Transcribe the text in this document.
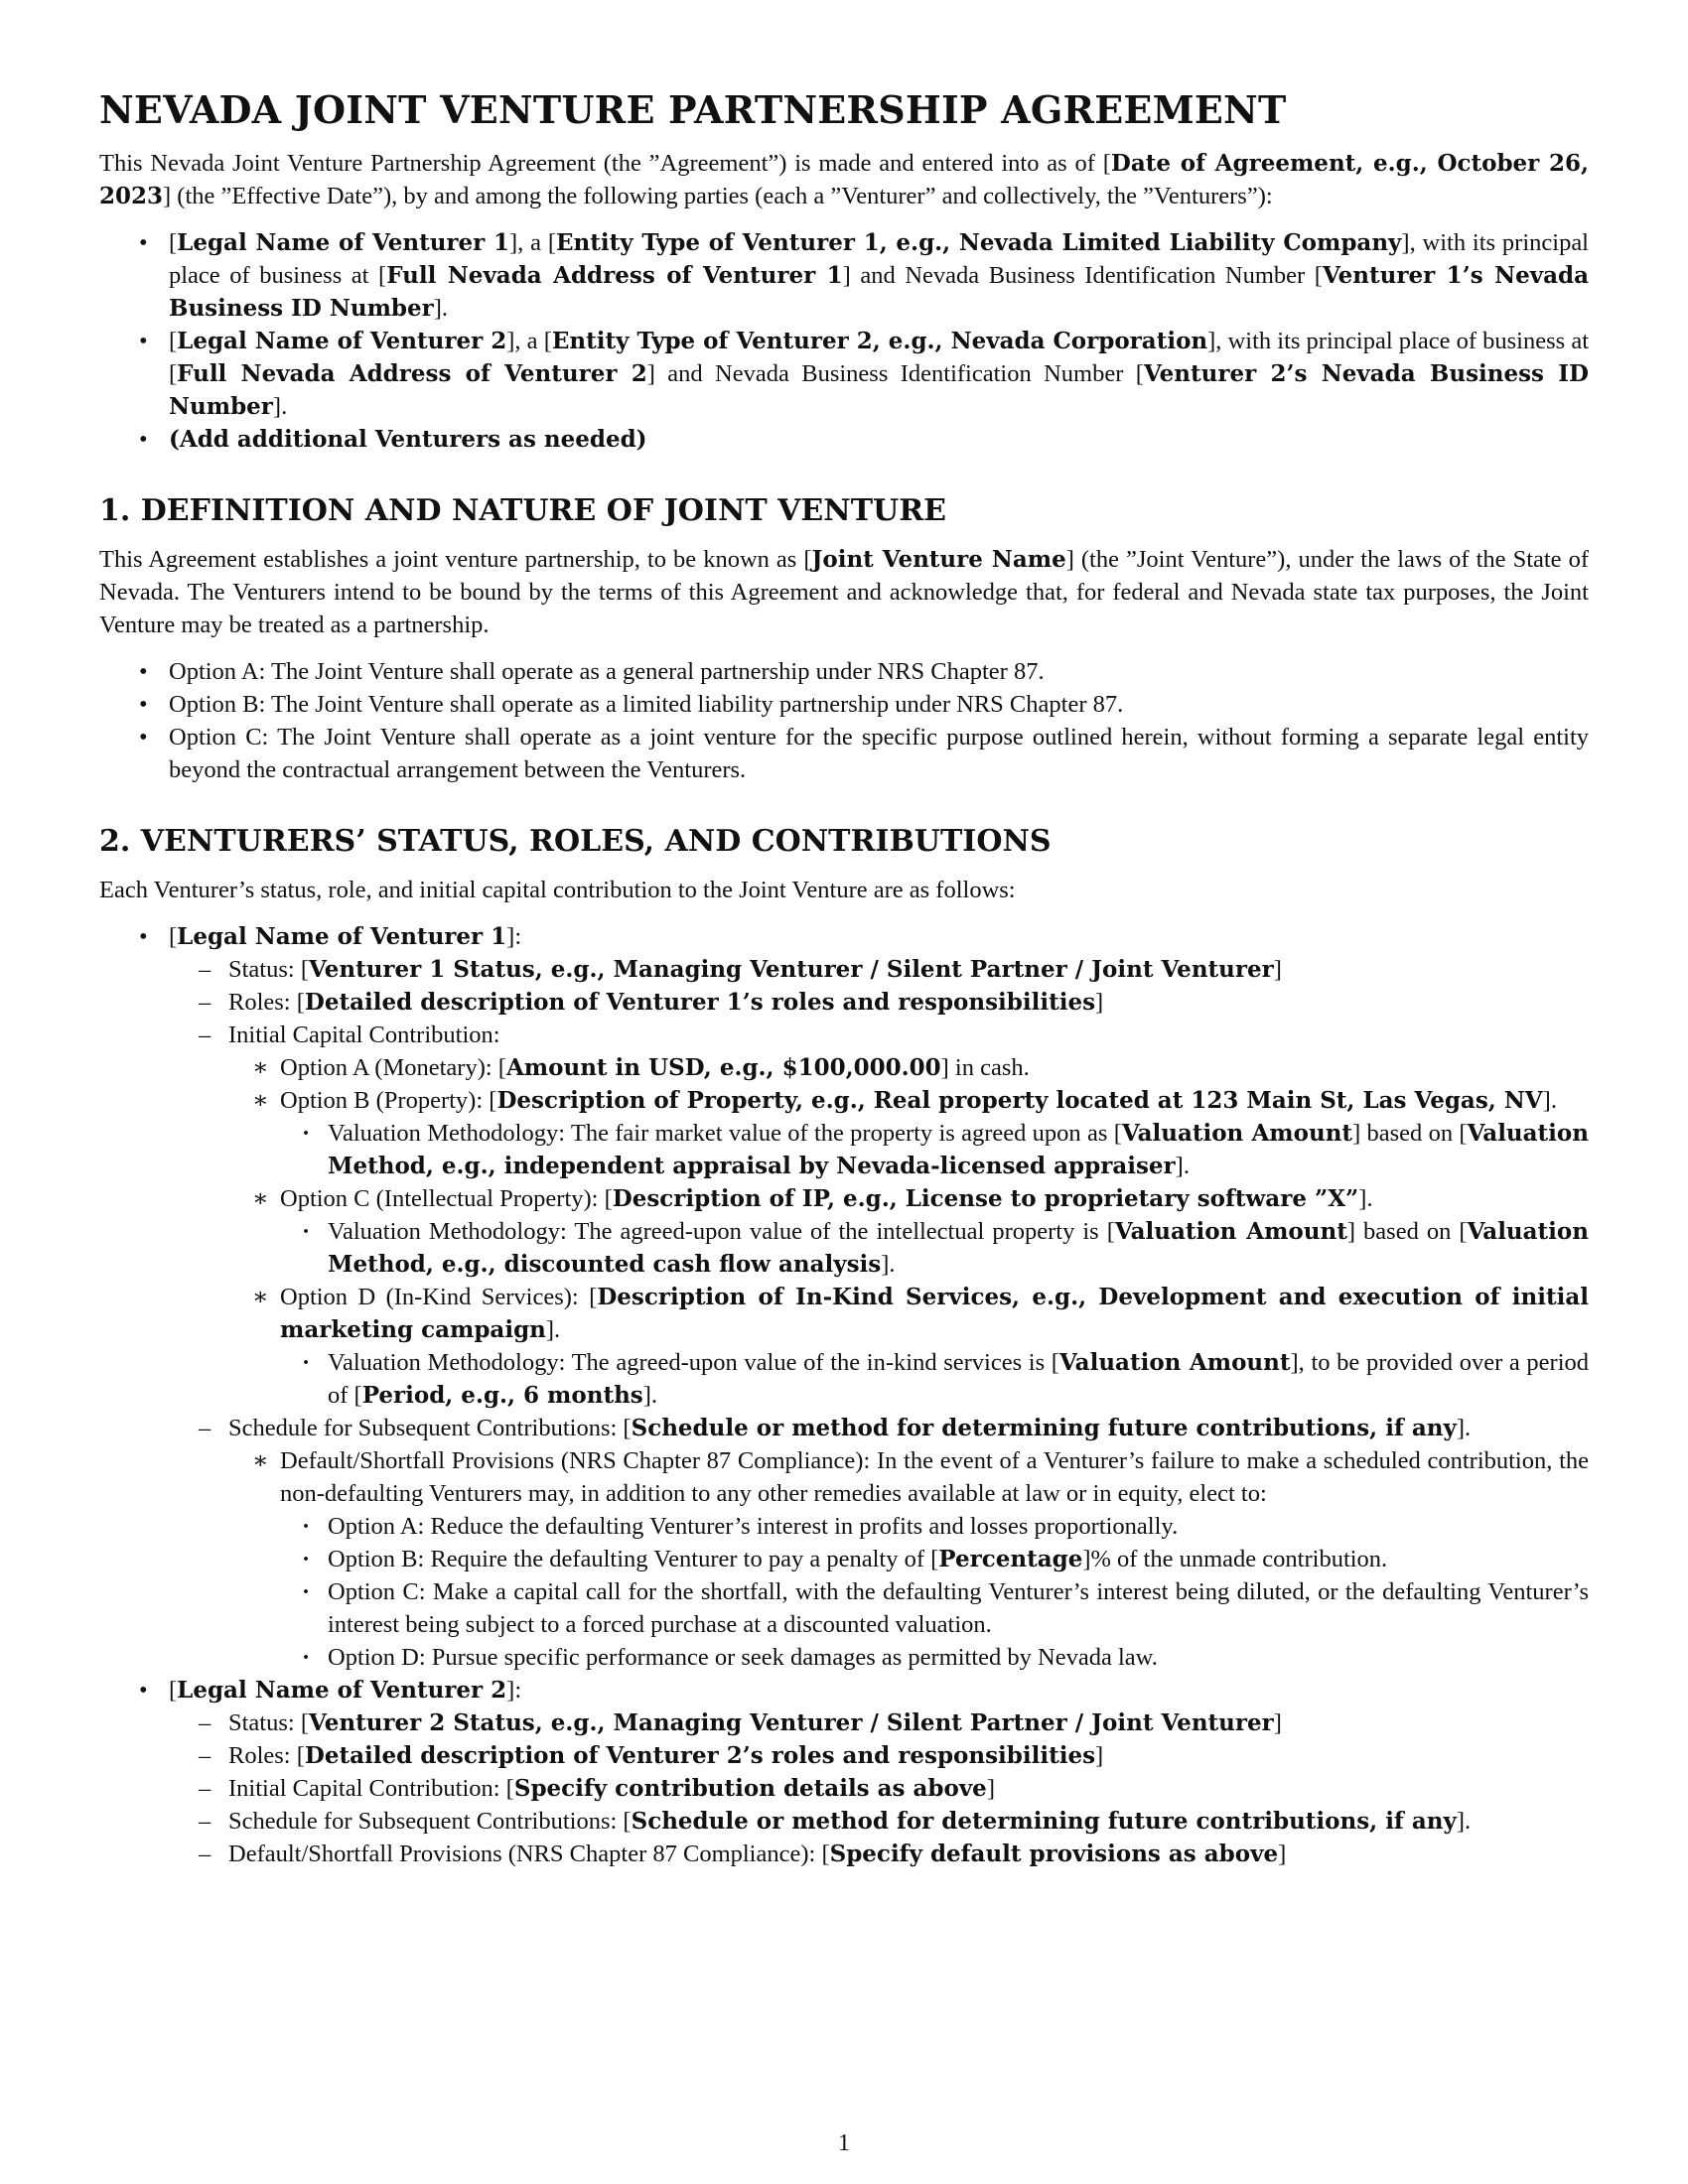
NEVADA JOINT VENTURE PARTNERSHIP AGREEMENT

This Nevada Joint Venture Partnership Agreement (the ”Agreement”) is made and entered into as of [Date of Agreement, e.g., October 26, 2023] (the ”Effective Date”), by and among the following parties (each a ”Venturer” and collectively, the ”Venturers”):

• [Legal Name of Venturer 1], a [Entity Type of Venturer 1, e.g., Nevada Limited Liability Company], with its principal place of business at [Full Nevada Address of Venturer 1] and Nevada Business Identification Number [Venturer 1’s Nevada Business ID Number].
• [Legal Name of Venturer 2], a [Entity Type of Venturer 2, e.g., Nevada Corporation], with its principal place of business at [Full Nevada Address of Venturer 2] and Nevada Business Identification Number [Venturer 2’s Nevada Business ID Number].
• (Add additional Venturers as needed)
1. DEFINITION AND NATURE OF JOINT VENTURE

This Agreement establishes a joint venture partnership, to be known as [Joint Venture Name] (the ”Joint Venture”), under the laws of the State of Nevada. The Venturers intend to be bound by the terms of this Agreement and acknowledge that, for federal and Nevada state tax purposes, the Joint Venture may be treated as a partnership.

• Option A: The Joint Venture shall operate as a general partnership under NRS Chapter 87.
• Option B: The Joint Venture shall operate as a limited liability partnership under NRS Chapter 87.
• Option C: The Joint Venture shall operate as a joint venture for the specific purpose outlined herein, without forming a separate legal entity beyond the contractual arrangement between the Venturers.
2. VENTURERS’ STATUS, ROLES, AND CONTRIBUTIONS

Each Venturer’s status, role, and initial capital contribution to the Joint Venture are as follows:

• [Legal Name of Venturer 1]:
– Status: [Venturer 1 Status, e.g., Managing Venturer / Silent Partner / Joint Venturer]
– Roles: [Detailed description of Venturer 1’s roles and responsibilities]
– Initial Capital Contribution:
∗ Option A (Monetary): [Amount in USD, e.g., $100,000.00] in cash.
∗ Option B (Property): [Description of Property, e.g., Real property located at 123 Main St, Las Vegas, NV].
· Valuation Methodology: The fair market value of the property is agreed upon as [Valuation Amount] based on [Valuation Method, e.g., independent appraisal by Nevada-licensed appraiser].
∗ Option C (Intellectual Property): [Description of IP, e.g., License to proprietary software ”X”].
· Valuation Methodology: The agreed-upon value of the intellectual property is [Valuation Amount] based on [Valuation Method, e.g., discounted cash flow analysis].
∗ Option D (In-Kind Services): [Description of In-Kind Services, e.g., Development and execution of initial marketing campaign].
· Valuation Methodology: The agreed-upon value of the in-kind services is [Valuation Amount], to be provided over a period of [Period, e.g., 6 months].
– Schedule for Subsequent Contributions: [Schedule or method for determining future contributions, if any].
∗ Default/Shortfall Provisions (NRS Chapter 87 Compliance): In the event of a Venturer’s failure to make a scheduled contribution, the non-defaulting Venturers may, in addition to any other remedies available at law or in equity, elect to:
· Option A: Reduce the defaulting Venturer’s interest in profits and losses proportionally.
· Option B: Require the defaulting Venturer to pay a penalty of [Percentage]% of the unmade contribution.
· Option C: Make a capital call for the shortfall, with the defaulting Venturer’s interest being diluted, or the defaulting Venturer’s interest being subject to a forced purchase at a discounted valuation.
· Option D: Pursue specific performance or seek damages as permitted by Nevada law.
• [Legal Name of Venturer 2]:
– Status: [Venturer 2 Status, e.g., Managing Venturer / Silent Partner / Joint Venturer]
– Roles: [Detailed description of Venturer 2’s roles and responsibilities]
– Initial Capital Contribution: [Specify contribution details as above]
– Schedule for Subsequent Contributions: [Schedule or method for determining future contributions, if any].
– Default/Shortfall Provisions (NRS Chapter 87 Compliance): [Specify default provisions as above]
1
